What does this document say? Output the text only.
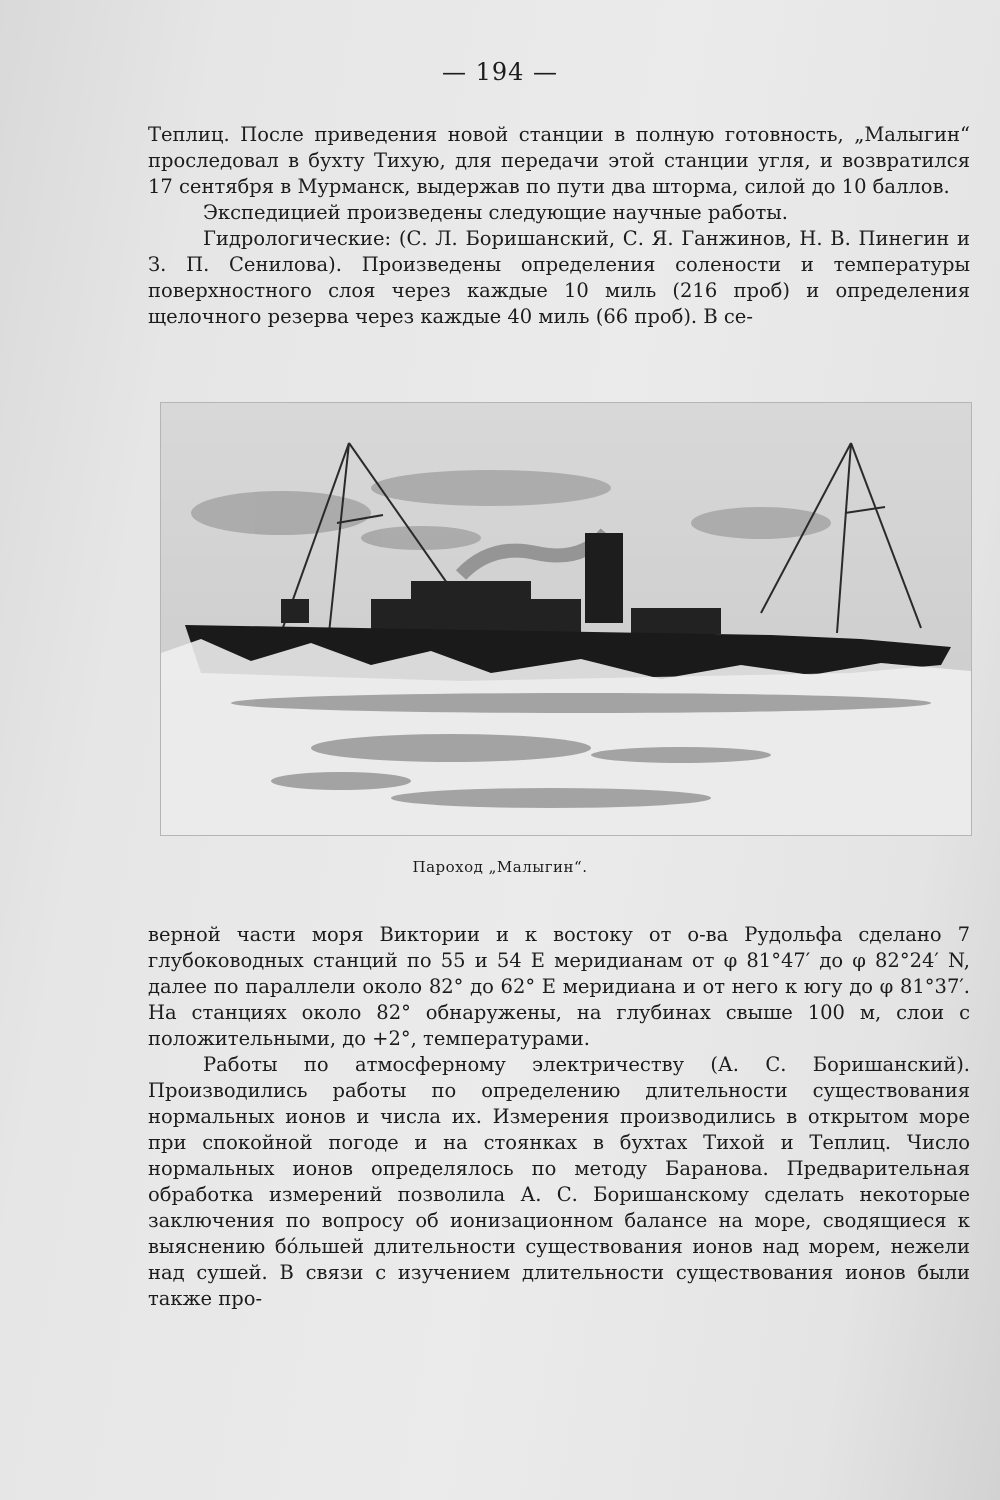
— 194 —

Теплиц. После приведения новой станции в полную готовность, „Малыгин“ проследовал в бухту Тихую, для передачи этой станции угля, и возвратился 17 сентября в Мурманск, выдержав по пути два шторма, силой до 10 баллов.

Экспедицией произведены следующие научные работы.

Гидрологические: (С. Л. Боришанский, С. Я. Ганжинов, Н. В. Пинегин и З. П. Сенилова). Произведены определения солености и температуры поверхностного слоя через каждые 10 миль (216 проб) и определения щелочного резерва через каждые 40 миль (66 проб). В се-

Пароход „Малыгин“.

верной части моря Виктории и к востоку от о-ва Рудольфа сделано 7 глубоководных станций по 55 и 54 E меридианам от φ 81°47′ до φ 82°24′ N, далее по параллели около 82° до 62° E меридиана и от него к югу до φ 81°37′. На станциях около 82° обнаружены, на глубинах свыше 100 м, слои с положительными, до +2°, температурами.

Работы по атмосферному электричеству (А. С. Боришанский). Производились работы по определению длительности существования нормальных ионов и числа их. Измерения производились в открытом море при спокойной погоде и на стоянках в бухтах Тихой и Теплиц. Число нормальных ионов определялось по методу Баранова. Предварительная обработка измерений позволила А. С. Боришанскому сделать некоторые заключения по вопросу об ионизационном балансе на море, сводящиеся к выяснению бо́льшей длительности существования ионов над морем, нежели над сушей. В связи с изучением длительности существования ионов были также про-
